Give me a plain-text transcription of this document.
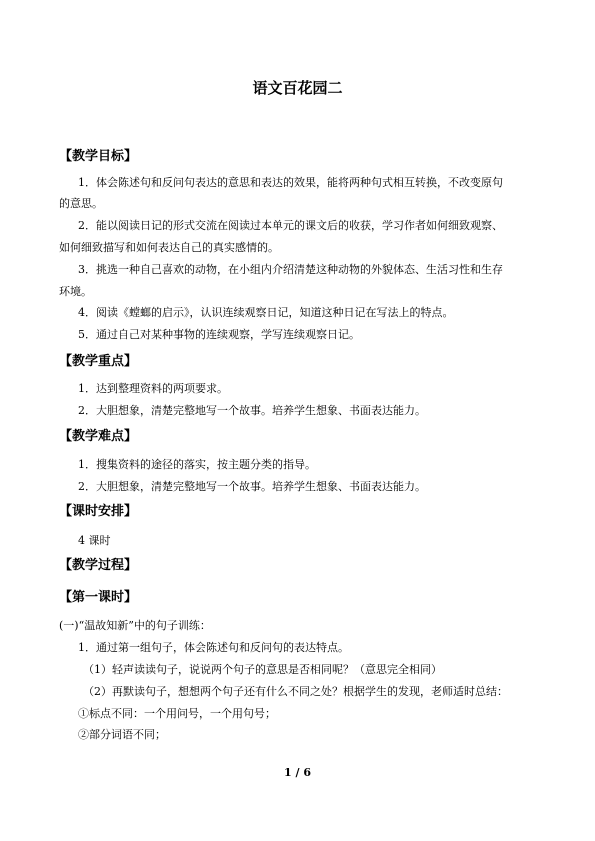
语文百花园二
【教学目标】
1．体会陈述句和反问句表达的意思和表达的效果，能将两种句式相互转换，不改变原句
的意思。
2．能以阅读日记的形式交流在阅读过本单元的课文后的收获，学习作者如何细致观察、
如何细致描写和如何表达自己的真实感情的。
3．挑选一种自己喜欢的动物，在小组内介绍清楚这种动物的外貌体态、生活习性和生存
环境。
4．阅读《螳螂的启示》，认识连续观察日记，知道这种日记在写法上的特点。
5．通过自己对某种事物的连续观察，学写连续观察日记。
【教学重点】
1．达到整理资料的两项要求。
2．大胆想象，清楚完整地写一个故事。培养学生想象、书面表达能力。
【教学难点】
1．搜集资料的途径的落实，按主题分类的指导。
2．大胆想象，清楚完整地写一个故事。培养学生想象、书面表达能力。
【课时安排】
4 课时
【教学过程】
【第一课时】
(一)“温故知新”中的句子训练：
1．通过第一组句子，体会陈述句和反问句的表达特点。
（1）轻声读读句子，说说两个句子的意思是否相同呢？（意思完全相同）
（2）再默读句子，想想两个句子还有什么不同之处？根据学生的发现，老师适时总结：
①标点不同：一个用问号，一个用句号；
②部分词语不同；
1 / 6
